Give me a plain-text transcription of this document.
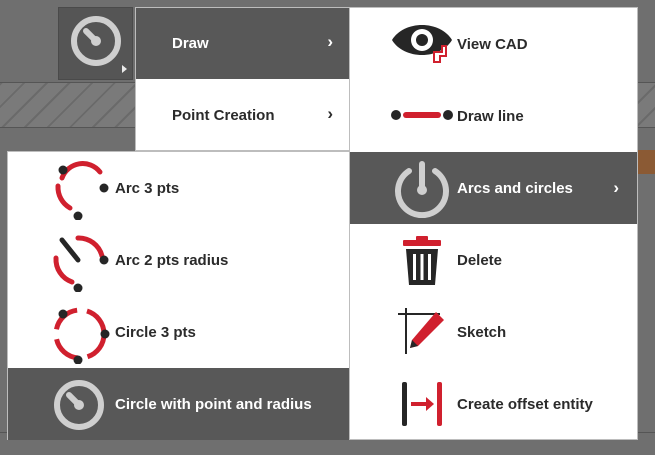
Draw	›
Point Creation	›
View CAD
Draw line
Arcs and circles ›
Delete
Sketch
Create offset entity
Arc 3 pts
Arc 2 pts radius
Circle 3 pts
Circle with point and radius
